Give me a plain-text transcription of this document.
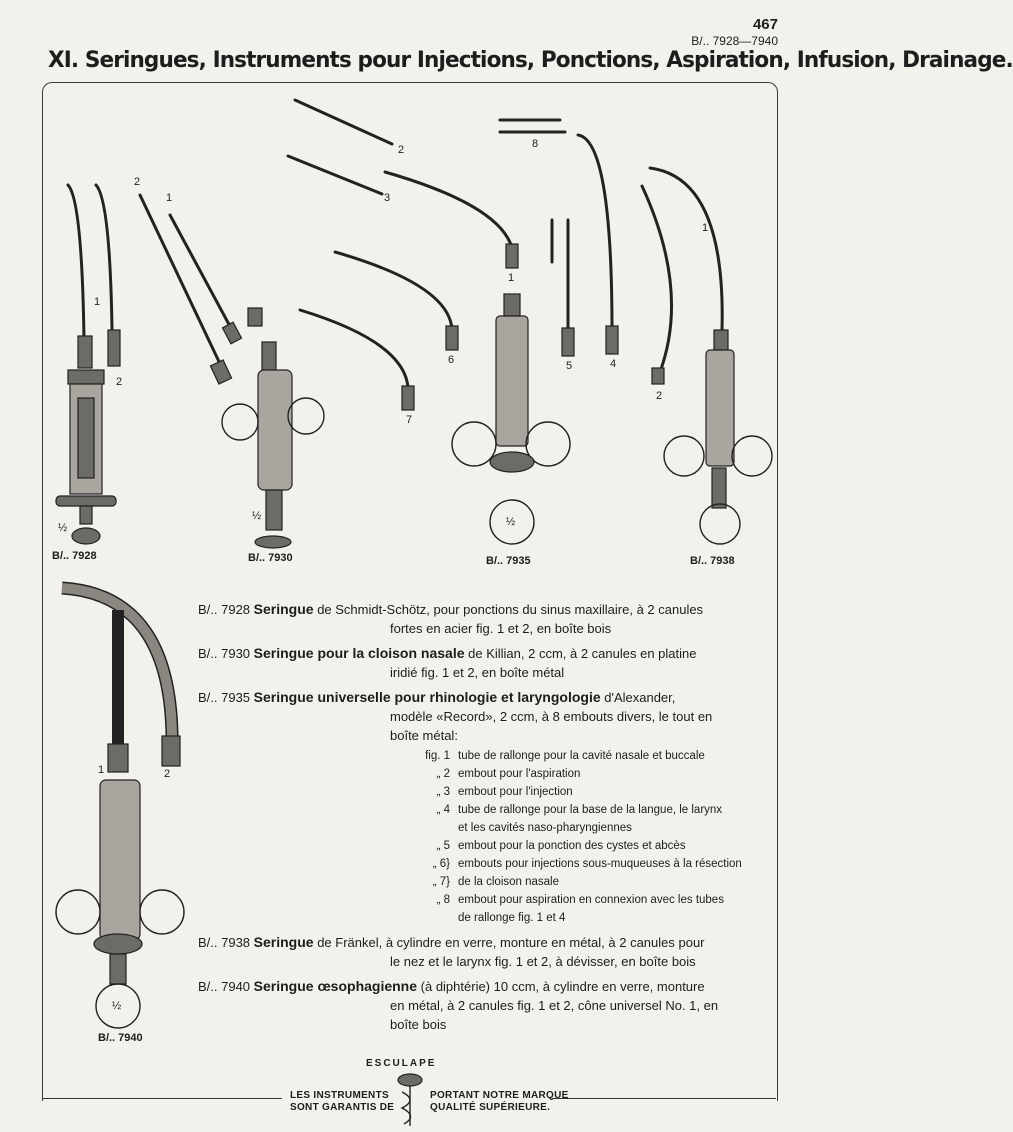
467
B/.. 7928—7940
XI. Seringues, Instruments pour Injections, Ponctions, Aspiration, Infusion, Drainage.
1
2
½
2
1
½
2
3
8
1
6
7
5	4
½
1
2
1	2
½
B/.. 7928	B/.. 7930	B/.. 7935	B/.. 7938
B/.. 7940
B/.. 7928 Seringue de Schmidt-Schötz, pour ponctions du sinus maxillaire, à 2 canules
fortes en acier fig. 1 et 2, en boîte bois
B/.. 7930 Seringue pour la cloison nasale de Killian, 2 ccm, à 2 canules en platine
iridié fig. 1 et 2, en boîte métal
B/.. 7935 Seringue universelle pour rhinologie et laryngologie d'Alexander,
modèle «Record», 2 ccm, à 8 embouts divers, le tout en
boîte métal:
fig. 1 tube de rallonge pour la cavité nasale et buccale
„ 2 embout pour l'aspiration
„ 3 embout pour l'injection
„ 4 tube de rallonge pour la base de la langue, le larynx
et les cavités naso-pharyngiennes
„ 5 embout pour la ponction des cystes et abcès
„ 6} embouts pour injections sous-muqueuses à la résection
„ 7} de la cloison nasale
„ 8 embout pour aspiration en connexion avec les tubes
de rallonge fig. 1 et 4
B/.. 7938 Seringue de Fränkel, à cylindre en verre, monture en métal, à 2 canules pour
le nez et le larynx fig. 1 et 2, à dévisser, en boîte bois
B/.. 7940 Seringue œsophagienne (à diphtérie) 10 ccm, à cylindre en verre, monture
en métal, à 2 canules fig. 1 et 2, cône universel No. 1, en
boîte bois
ESCULAPE
LES INSTRUMENTS
SONT GARANTIS DE
PORTANT NOTRE MARQUE
QUALITÉ SUPÉRIEURE.
